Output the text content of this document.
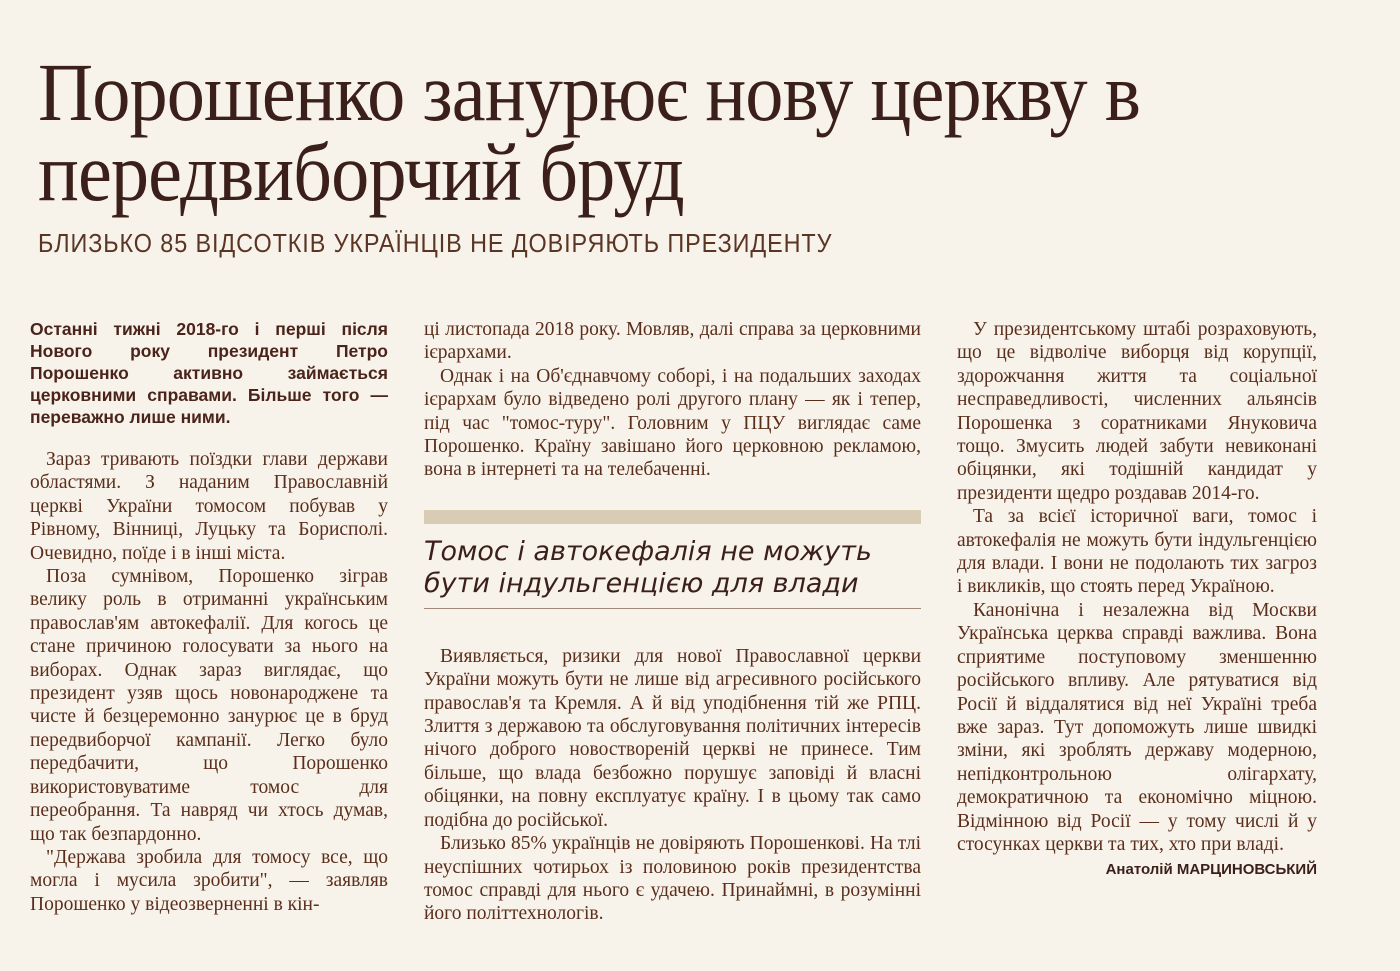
Порошенко занурює нову церкву в передвиборчий бруд
БЛИЗЬКО 85 ВІДСОТКІВ УКРАЇНЦІВ НЕ ДОВІРЯЮТЬ ПРЕЗИДЕНТУ

Останні тижні 2018-го і перші після Нового року президент Петро Порошенко активно займається церковними справами. Більше того — переважно лише ними.

Зараз тривають поїздки глави держави областями. З наданим Православній церкві України томосом побував у Рівному, Вінниці, Луцьку та Борисполі. Очевидно, поїде і в інші міста.

Поза сумнівом, Порошенко зіграв велику роль в отриманні українським православ'ям автокефалії. Для когось це стане причиною голосувати за нього на виборах. Однак зараз виглядає, що президент узяв щось новонароджене та чисте й безцеремонно занурює це в бруд передвиборчої кампанії. Легко було передбачити, що Порошенко використовуватиме томос для переобрання. Та навряд чи хтось думав, що так безпардонно.

"Держава зробила для томосу все, що могла і мусила зробити", — заявляв Порошенко у відеозверненні в кін-

ці листопада 2018 року. Мовляв, далі справа за церковними ієрархами.

Однак і на Об'єднавчому соборі, і на подальших заходах ієрархам було відведено ролі другого плану — як і тепер, під час "томос-туру". Головним у ПЦУ виглядає саме Порошенко. Країну завішано його церковною рекламою, вона в інтернеті та на телебаченні.

Томос і автокефалія не можуть бути індульгенцією для влади

Виявляється, ризики для нової Православної церкви України можуть бути не лише від агресивного російського православ'я та Кремля. А й від уподібнення тій же РПЦ. Злиття з державою та обслуговування політичних інтересів нічого доброго новоствореній церкві не принесе. Тим більше, що влада безбожно порушує заповіді й власні обіцянки, на повну експлуатує країну. І в цьому так само подібна до російської.

Близько 85% українців не довіряють Порошенкові. На тлі неуспішних чотирьох із половиною років президентства томос справді для нього є удачею. Принаймні, в розумінні його політтехнологів.

У президентському штабі розраховують, що це відволіче виборця від корупції, здорожчання життя та соціальної несправедливості, численних альянсів Порошенка з соратниками Януковича тощо. Змусить людей забути невиконані обіцянки, які тодішній кандидат у президенти щедро роздавав 2014-го.

Та за всієї історичної ваги, томос і автокефалія не можуть бути індульгенцією для влади. І вони не подолають тих загроз і викликів, що стоять перед Україною.

Канонічна і незалежна від Москви Українська церква справді важлива. Вона сприятиме поступовому зменшенню російського впливу. Але рятуватися від Росії й віддалятися від неї Україні треба вже зараз. Тут допоможуть лише швидкі зміни, які зроблять державу модерною, непідконтрольною олігархату, демократичною та економічно міцною. Відмінною від Росії — у тому числі й у стосунках церкви та тих, хто при владі.

Анатолій МАРЦИНОВСЬКИЙ
